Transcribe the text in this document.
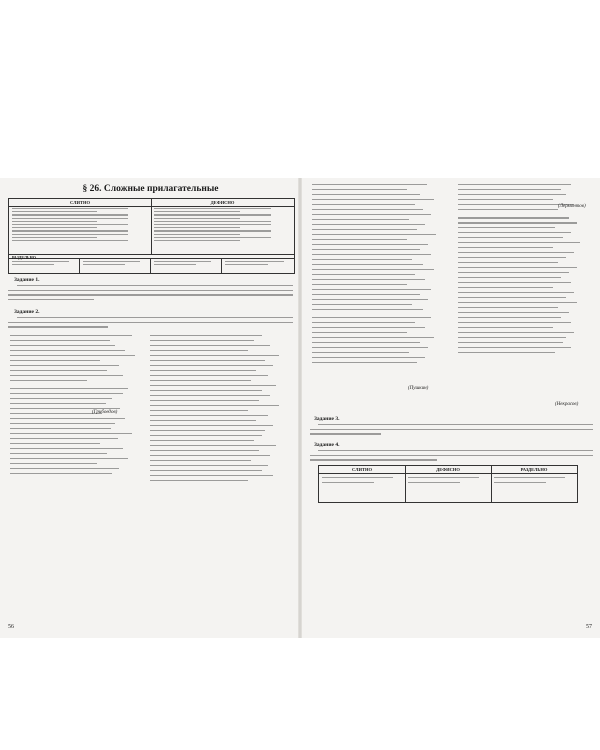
§ 26. Сложные прилагательные
СЛИТНО	ДЕФИСНО
РАЗДЕЛЬНО
Задание 1.
Задание 2.
(Грибоедов)
56
(Пушкин)
(Лермонтов)
(Некрасов)
Задание 3.
Задание 4.
57
СЛИТНО	ДЕФИСНО	РАЗДЕЛЬНО
